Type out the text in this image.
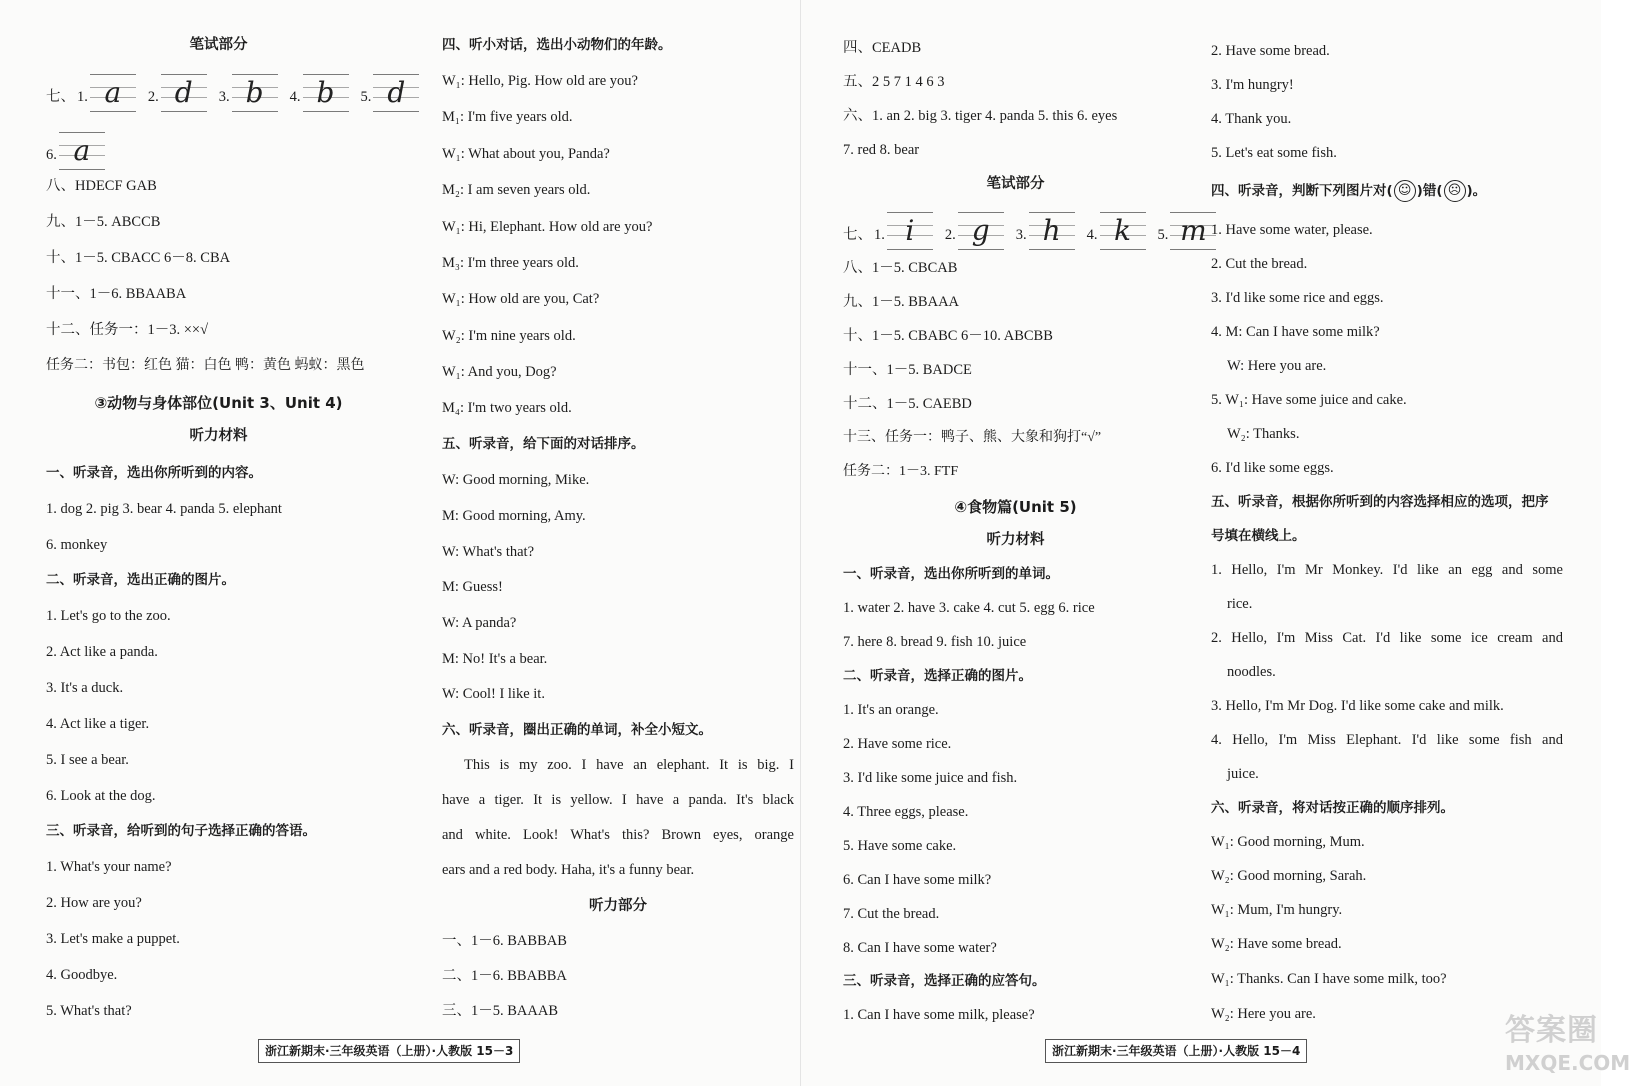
笔试部分
七、 1. a 2. d 3. b 4. b 5. d
6. a
八、HDECF GAB
九、1－5. ABCCB
十、1－5. CBACC 6－8. CBA
十一、1－6. BBAABA
十二、任务一：1－3. ××√
任务二：书包：红色 猫：白色 鸭：黄色 蚂蚁：黑色
③动物与身体部位(Unit 3、Unit 4)
听力材料
一、听录音，选出你所听到的内容。
1. dog 2. pig 3. bear 4. panda 5. elephant
6. monkey
二、听录音，选出正确的图片。
1. Let's go to the zoo.
2. Act like a panda.
3. It's a duck.
4. Act like a tiger.
5. I see a bear.
6. Look at the dog.
三、听录音，给听到的句子选择正确的答语。
1. What's your name?
2. How are you?
3. Let's make a puppet.
4. Goodbye.
5. What's that?
四、听小对话，选出小动物们的年龄。
W₁: Hello, Pig. How old are you?
M₁: I'm five years old.
W₁: What about you, Panda?
M₂: I am seven years old.
W₁: Hi, Elephant. How old are you?
M₃: I'm three years old.
W₁: How old are you, Cat?
W₂: I'm nine years old.
W₁: And you, Dog?
M₄: I'm two years old.
五、听录音，给下面的对话排序。
W: Good morning, Mike.
M: Good morning, Amy.
W: What's that?
M: Guess!
W: A panda?
M: No! It's a bear.
W: Cool! I like it.
六、听录音，圈出正确的单词，补全小短文。
This is my zoo. I have an elephant. It is big. I
have a tiger. It is yellow. I have a panda. It's black
and white. Look! What's this? Brown eyes, orange
ears and a red body. Haha, it's a funny bear.
听力部分
一、1－6. BABBAB
二、1－6. BBABBA
三、1－5. BAAAB
浙江新期末·三年级英语（上册）·人教版 15－3
四、CEADB
五、2 5 7 1 4 6 3
六、1. an 2. big 3. tiger 4. panda 5. this 6. eyes
7. red 8. bear
笔试部分
七、 1. i 2. g 3. h 4. k 5. m
八、1－5. CBCAB
九、1－5. BBAAA
十、1－5. CBABC 6－10. ABCBB
十一、1－5. BADCE
十二、1－5. CAEBD
十三、任务一：鸭子、熊、大象和狗打“√”
任务二：1－3. FTF
④食物篇(Unit 5)
听力材料
一、听录音，选出你所听到的单词。
1. water 2. have 3. cake 4. cut 5. egg 6. rice
7. here 8. bread 9. fish 10. juice
二、听录音，选择正确的图片。
1. It's an orange.
2. Have some rice.
3. I'd like some juice and fish.
4. Three eggs, please.
5. Have some cake.
6. Can I have some milk?
7. Cut the bread.
8. Can I have some water?
三、听录音，选择正确的应答句。
1. Can I have some milk, please?
2. Have some bread.
3. I'm hungry!
4. Thank you.
5. Let's eat some fish.
四、听录音，判断下列图片对( ☺ )错( ☹ )。
1. Have some water, please.
2. Cut the bread.
3. I'd like some rice and eggs.
4. M: Can I have some milk?
W: Here you are.
5. W₁: Have some juice and cake.
W₂: Thanks.
6. I'd like some eggs.
五、听录音，根据你所听到的内容选择相应的选项，把序
号填在横线上。
1. Hello, I'm Mr Monkey. I'd like an egg and some
rice.
2. Hello, I'm Miss Cat. I'd like some ice cream and
noodles.
3. Hello, I'm Mr Dog. I'd like some cake and milk.
4. Hello, I'm Miss Elephant. I'd like some fish and
juice.
六、听录音，将对话按正确的顺序排列。
W₁: Good morning, Mum.
W₂: Good morning, Sarah.
W₁: Mum, I'm hungry.
W₂: Have some bread.
W₁: Thanks. Can I have some milk, too?
W₂: Here you are.
浙江新期末·三年级英语（上册）·人教版 15－4
答案圈
MXQE.COM
